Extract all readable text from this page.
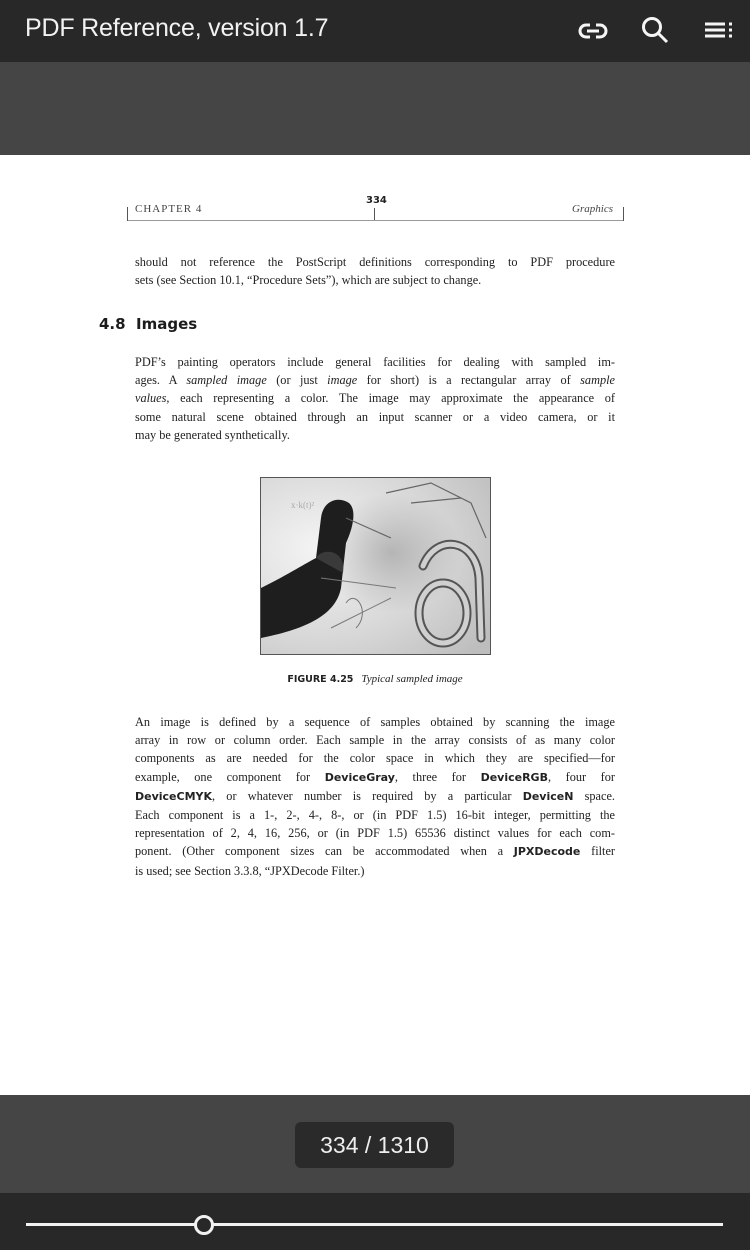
PDF Reference, version 1.7
CHAPTER 4
334
Graphics
should not reference the PostScript definitions corresponding to PDF procedure
sets (see Section 10.1, “Procedure Sets”), which are subject to change.
4.8 Images
PDF’s painting operators include general facilities for dealing with sampled im-
ages. A sampled image (or just image for short) is a rectangular array of sample
values, each representing a color. The image may approximate the appearance of
some natural scene obtained through an input scanner or a video camera, or it
may be generated synthetically.
x·k(t)²
FIGURE 4.25 Typical sampled image
An image is defined by a sequence of samples obtained by scanning the image
array in row or column order. Each sample in the array consists of as many color
components as are needed for the color space in which they are specified—for
example, one component for DeviceGray, three for DeviceRGB, four for
DeviceCMYK, or whatever number is required by a particular DeviceN space.
Each component is a 1-, 2-, 4-, 8-, or (in PDF 1.5) 16-bit integer, permitting the
representation of 2, 4, 16, 256, or (in PDF 1.5) 65536 distinct values for each com-
ponent. (Other component sizes can be accommodated when a JPXDecode filter
is used; see Section 3.3.8, “JPXDecode Filter.)
334 / 1310
